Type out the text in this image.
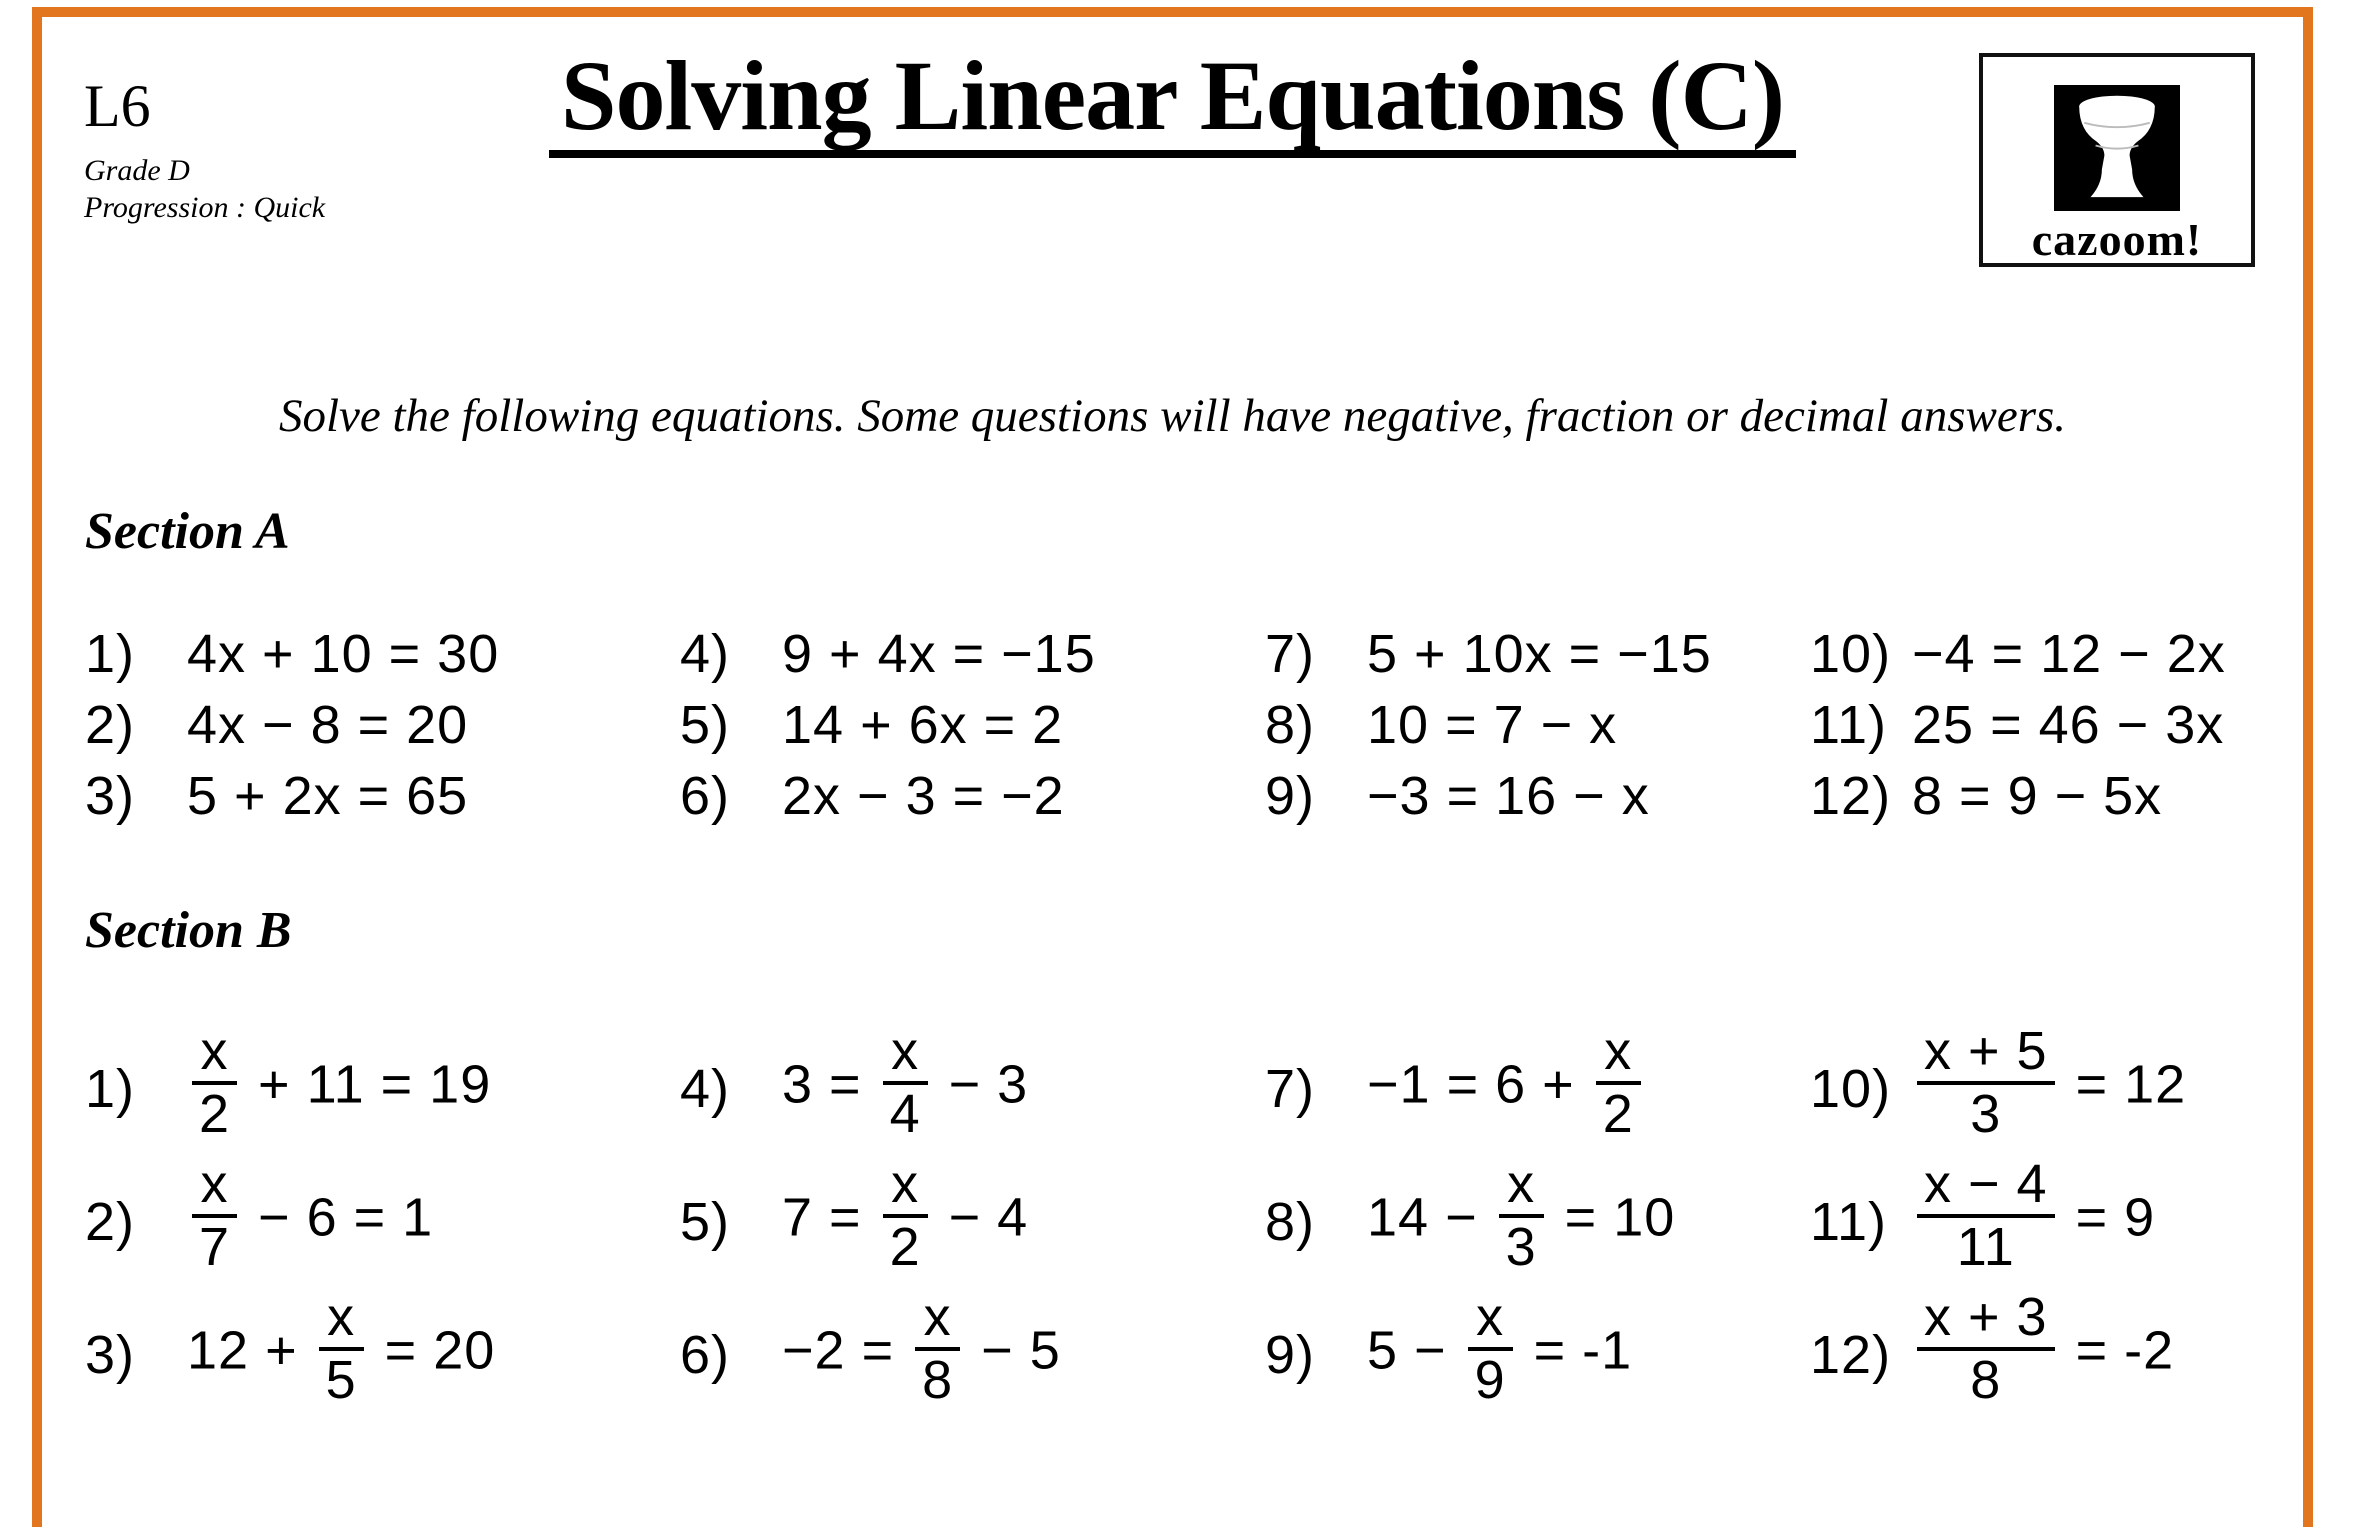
L6
Grade D
Progression : Quick
Solving Linear Equations (C)
cazoom!
Solve the following equations. Some questions will have negative, fraction or decimal answers.
Section A
1) 4x + 10 = 30
2) 4x − 8 = 20
3) 5 + 2x = 65
4) 9 + 4x = −15
5) 14 + 6x = 2
6) 2x − 3 = −2
7) 5 + 10x = −15
8) 10 = 7 − x
9) −3 = 16 − x
10) −4 = 12 − 2x
11) 25 = 46 − 3x
12) 8 = 9 − 5x
Section B
1)	$\frac{x}{2} + 11 = 19$
2)	$\frac{x}{7} - 6 = 1$
3) $12 + \frac{x}{5} = 20$
4) $3 = \frac{x}{4} - 3$
5) $7 = \frac{x}{2} - 4$
$6) -2 = \frac{x}{8} - 5$
$7) -1 = 6 + \frac{x}{2}$
8) $14 - \frac{x}{3} = 10$
9) $5 - \frac{x}{9} = -1$
$10) \frac{x + 5}{3} = 12$
$11) \frac{x - 4}{11} = 9$
$12) \frac{x + 3}{8} = -2$
